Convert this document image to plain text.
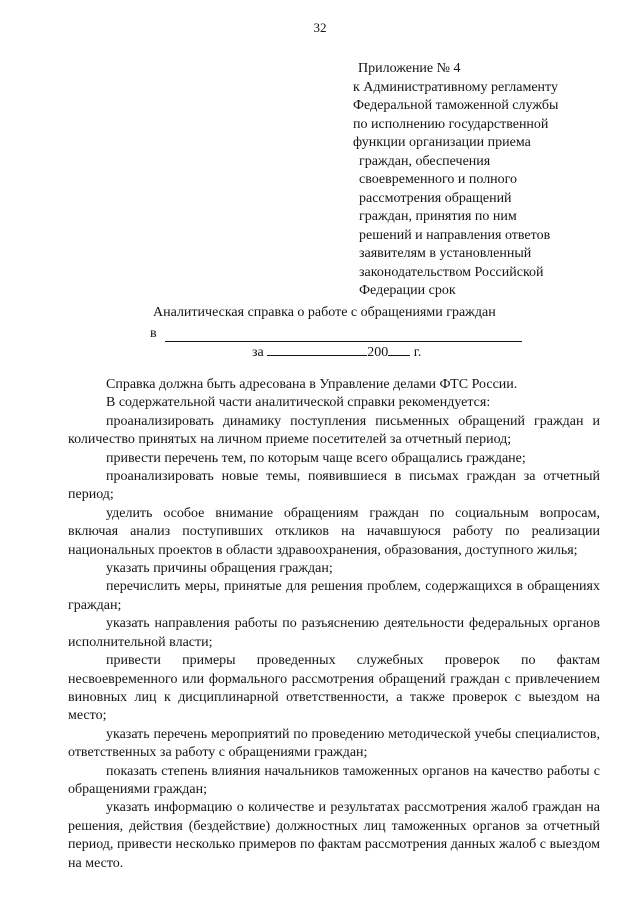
32
Приложение № 4
к Административному регламенту
Федеральной таможенной службы
по исполнению государственной
функции организации приема
граждан, обеспечения
своевременного и полного
рассмотрения обращений
граждан, принятия по ним
решений и направления ответов
заявителям в установленный
законодательством Российской
Федерации срок
Аналитическая справка о работе с обращениями граждан
в
за	200 г.

Справка должна быть адресована в Управление делами ФТС России.

В содержательной части аналитической справки рекомендуется:

проанализировать динамику поступления письменных обращений граждан и количество принятых на личном приеме посетителей за отчетный период;

привести перечень тем, по которым чаще всего обращались граждане;

проанализировать новые темы, появившиеся в письмах граждан за отчетный период;

уделить особое внимание обращениям граждан по социальным вопросам, включая анализ поступивших откликов на начавшуюся работу по реализации национальных проектов в области здравоохранения, образования, доступного жилья;

указать причины обращения граждан;

перечислить меры, принятые для решения проблем, содержащихся в обращениях граждан;

указать направления работы по разъяснению деятельности федеральных органов исполнительной власти;

привести примеры проведенных служебных проверок по фактам несвоевременного или формального рассмотрения обращений граждан с привлечением виновных лиц к дисциплинарной ответственности, а также проверок с выездом на место;

указать перечень мероприятий по проведению методической учебы специалистов, ответственных за работу с обращениями граждан;

показать степень влияния начальников таможенных органов на качество работы с обращениями граждан;

указать информацию о количестве и результатах рассмотрения жалоб граждан на решения, действия (бездействие) должностных лиц таможенных органов за отчетный период, привести несколько примеров по фактам рассмотрения данных жалоб с выездом на место.
